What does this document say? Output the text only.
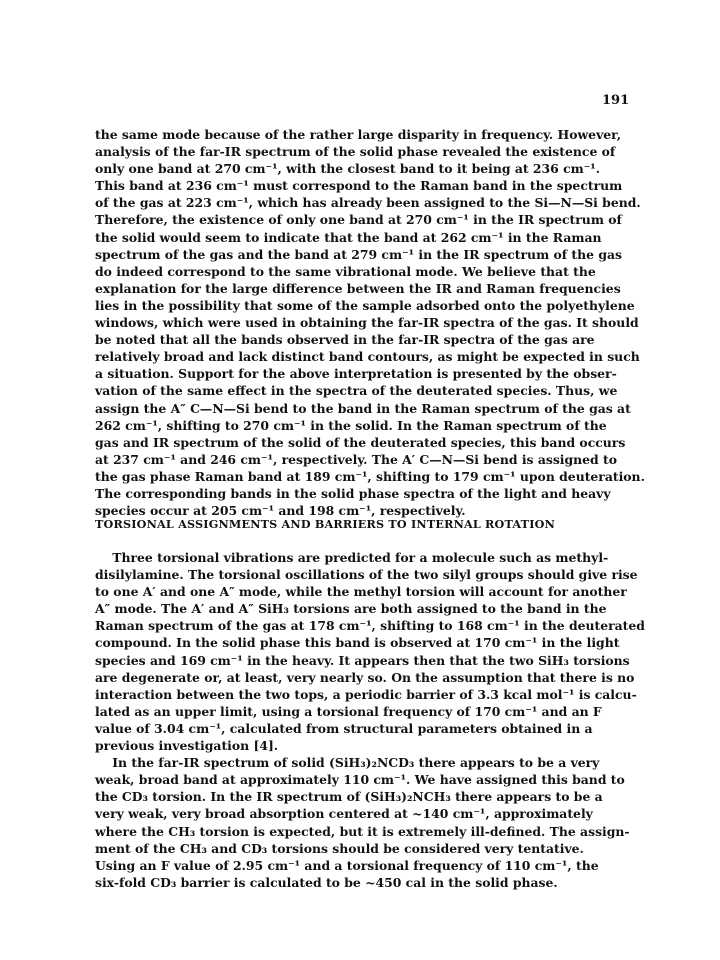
191
the same mode because of the rather large disparity in frequency. However,
analysis of the far-IR spectrum of the solid phase revealed the existence of
only one band at 270 cm⁻¹, with the closest band to it being at 236 cm⁻¹.
This band at 236 cm⁻¹ must correspond to the Raman band in the spectrum
of the gas at 223 cm⁻¹, which has already been assigned to the Si—N—Si bend.
Therefore, the existence of only one band at 270 cm⁻¹ in the IR spectrum of
the solid would seem to indicate that the band at 262 cm⁻¹ in the Raman
spectrum of the gas and the band at 279 cm⁻¹ in the IR spectrum of the gas
do indeed correspond to the same vibrational mode. We believe that the
explanation for the large difference between the IR and Raman frequencies
lies in the possibility that some of the sample adsorbed onto the polyethylene
windows, which were used in obtaining the far-IR spectra of the gas. It should
be noted that all the bands observed in the far-IR spectra of the gas are
relatively broad and lack distinct band contours, as might be expected in such
a situation. Support for the above interpretation is presented by the obser-
vation of the same effect in the spectra of the deuterated species. Thus, we
assign the A″ C—N—Si bend to the band in the Raman spectrum of the gas at
262 cm⁻¹, shifting to 270 cm⁻¹ in the solid. In the Raman spectrum of the
gas and IR spectrum of the solid of the deuterated species, this band occurs
at 237 cm⁻¹ and 246 cm⁻¹, respectively. The A′ C—N—Si bend is assigned to
the gas phase Raman band at 189 cm⁻¹, shifting to 179 cm⁻¹ upon deuteration.
The corresponding bands in the solid phase spectra of the light and heavy
species occur at 205 cm⁻¹ and 198 cm⁻¹, respectively.
TORSIONAL ASSIGNMENTS AND BARRIERS TO INTERNAL ROTATION
Three torsional vibrations are predicted for a molecule such as methyl-
disilylamine. The torsional oscillations of the two silyl groups should give rise
to one A′ and one A″ mode, while the methyl torsion will account for another
A″ mode. The A′ and A″ SiH₃ torsions are both assigned to the band in the
Raman spectrum of the gas at 178 cm⁻¹, shifting to 168 cm⁻¹ in the deuterated
compound. In the solid phase this band is observed at 170 cm⁻¹ in the light
species and 169 cm⁻¹ in the heavy. It appears then that the two SiH₃ torsions
are degenerate or, at least, very nearly so. On the assumption that there is no
interaction between the two tops, a periodic barrier of 3.3 kcal mol⁻¹ is calcu-
lated as an upper limit, using a torsional frequency of 170 cm⁻¹ and an F
value of 3.04 cm⁻¹, calculated from structural parameters obtained in a
previous investigation [4].
In the far-IR spectrum of solid (SiH₃)₂NCD₃ there appears to be a very
weak, broad band at approximately 110 cm⁻¹. We have assigned this band to
the CD₃ torsion. In the IR spectrum of (SiH₃)₂NCH₃ there appears to be a
very weak, very broad absorption centered at ~140 cm⁻¹, approximately
where the CH₃ torsion is expected, but it is extremely ill-defined. The assign-
ment of the CH₃ and CD₃ torsions should be considered very tentative.
Using an F value of 2.95 cm⁻¹ and a torsional frequency of 110 cm⁻¹, the
six-fold CD₃ barrier is calculated to be ~450 cal in the solid phase.
